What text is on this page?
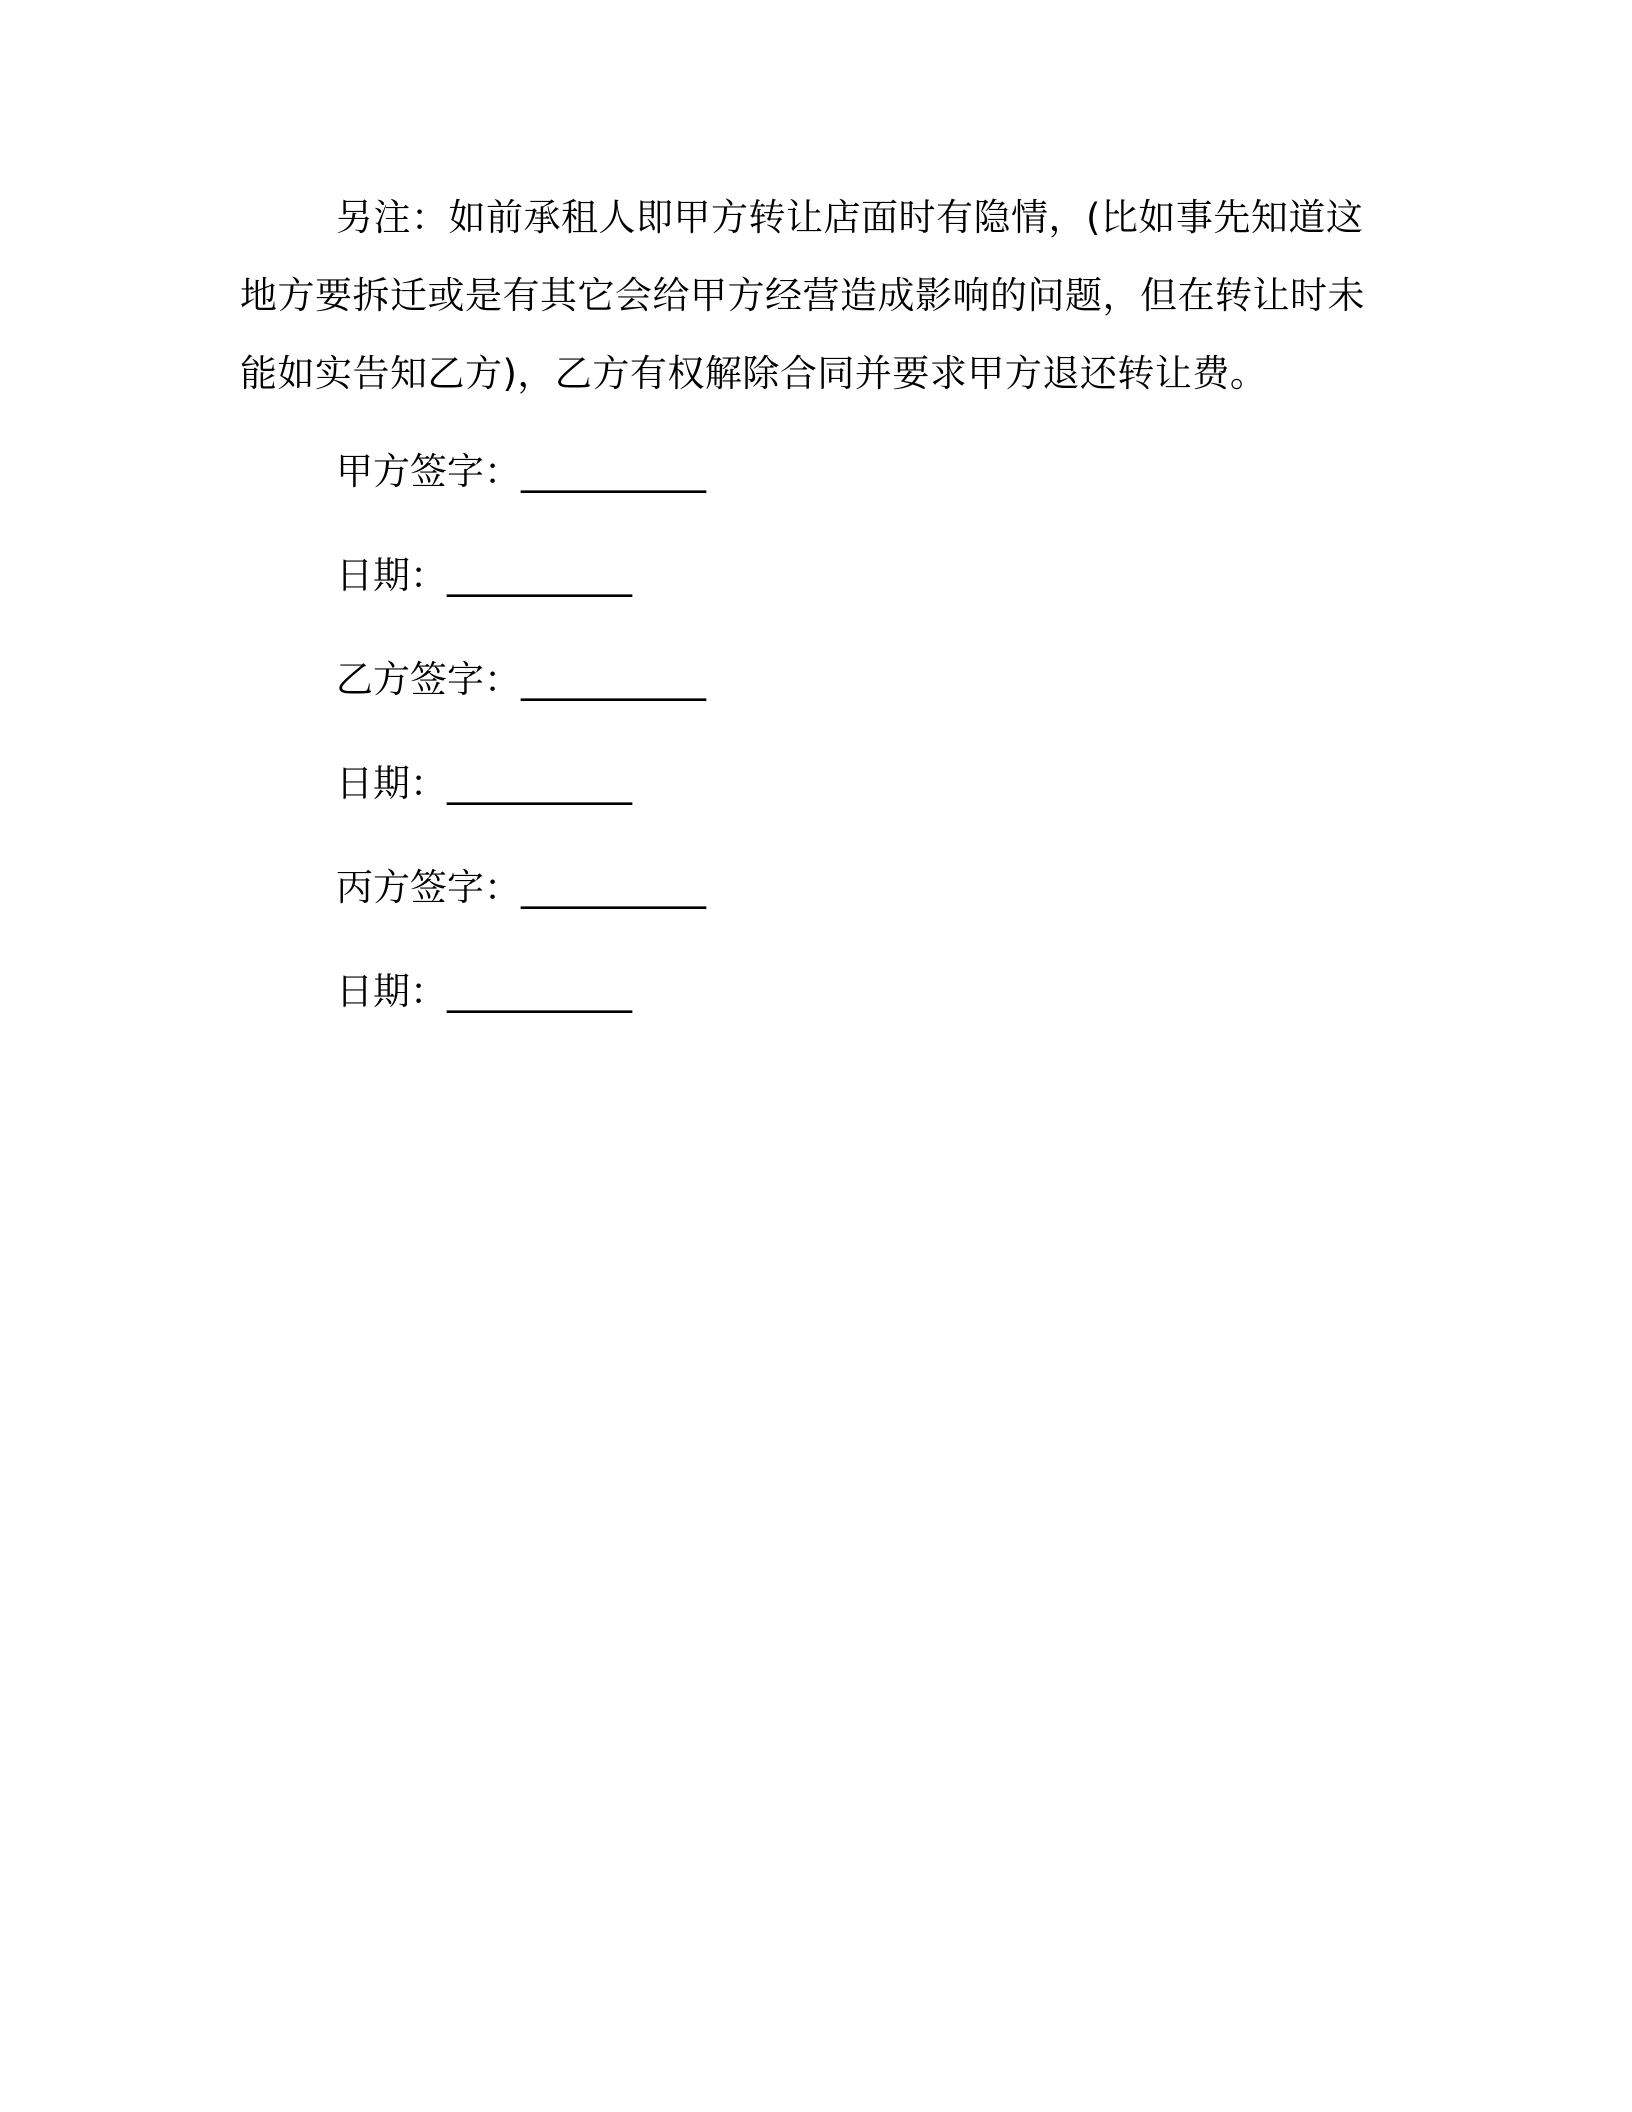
另注：如前承租人即甲方转让店面时有隐情，(比如事先知道这
地方要拆迁或是有其它会给甲方经营造成影响的问题，但在转让时未
能如实告知乙方)，乙方有权解除合同并要求甲方退还转让费。
甲方签字：__________
日期：__________
乙方签字：__________
日期：__________
丙方签字：__________
日期：__________
